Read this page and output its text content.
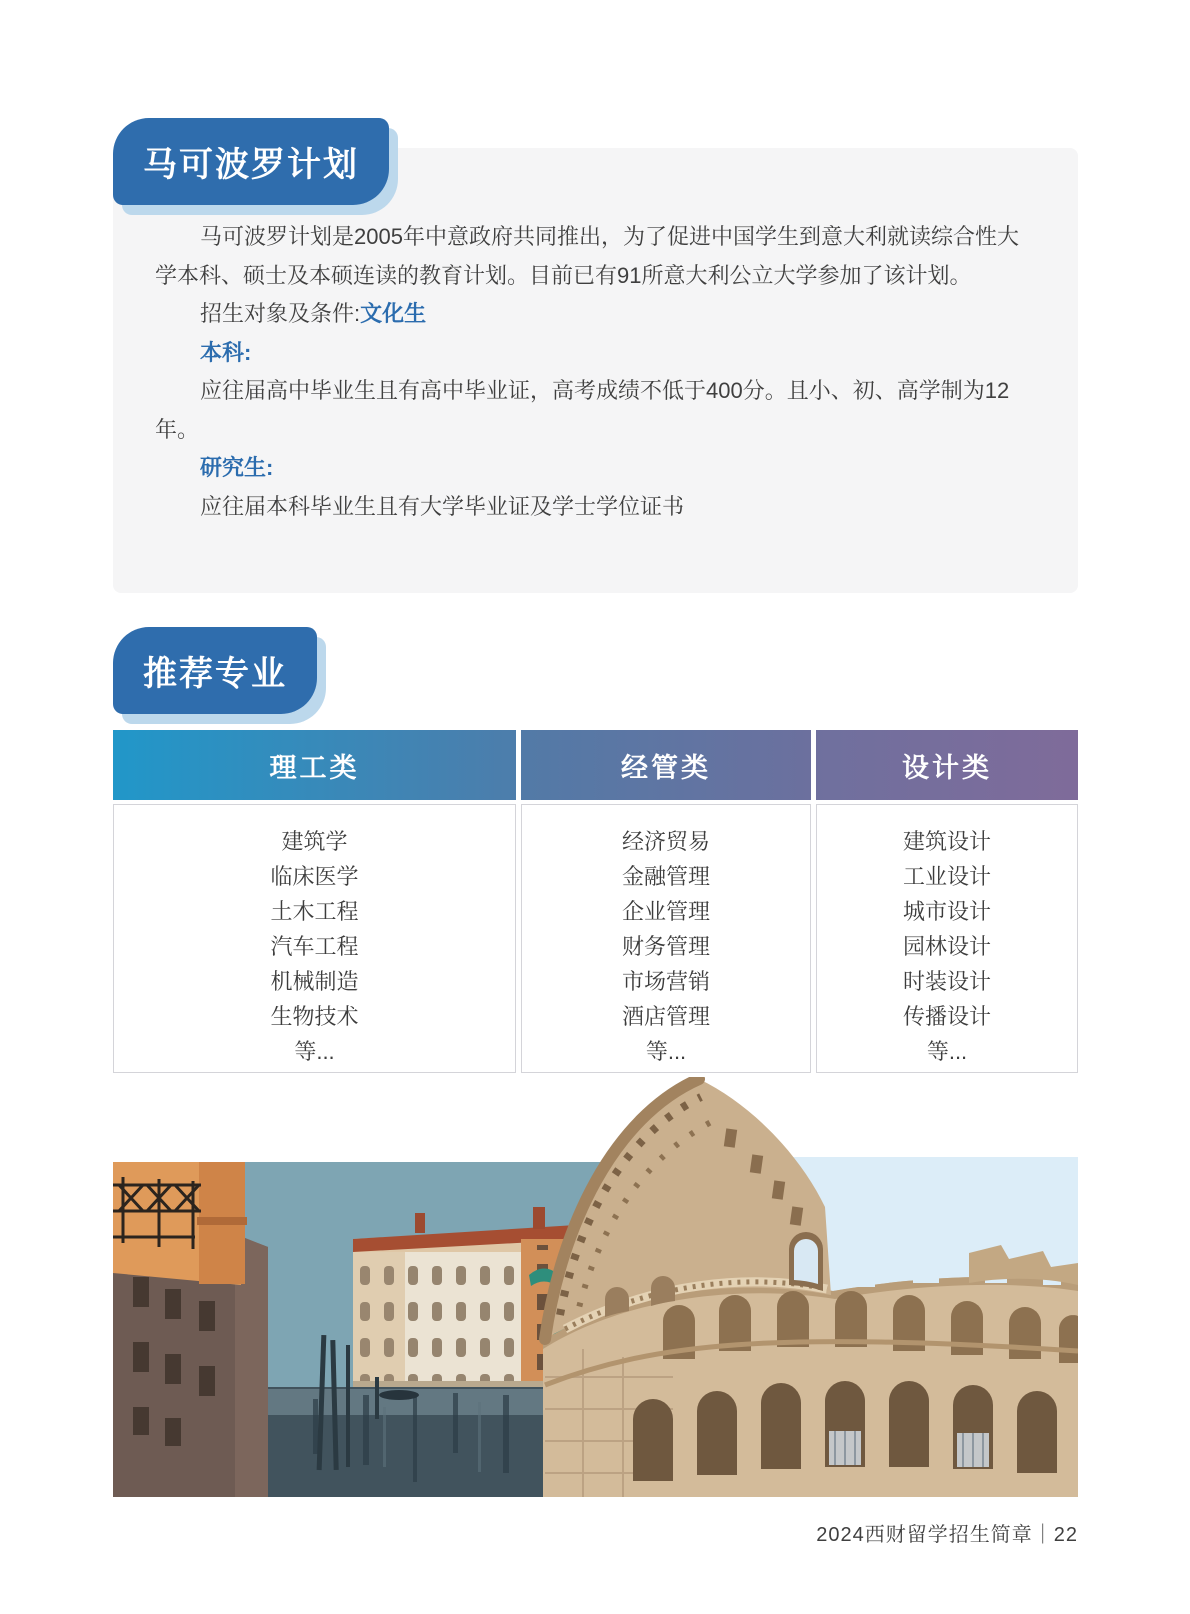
马可波罗计划

马可波罗计划是2005年中意政府共同推出，为了促进中国学生到意大利就读综合性大学本科、硕士及本硕连读的教育计划。目前已有91所意大利公立大学参加了该计划。

招生对象及条件:文化生

本科:

应往届高中毕业生且有高中毕业证，高考成绩不低于400分。且小、初、高学制为12年。

研究生:

应往届本科毕业生且有大学毕业证及学士学位证书

推荐专业
理工类
建筑学
临床医学
土木工程
汽车工程
机械制造
生物技术
等...
经管类
经济贸易
金融管理
企业管理
财务管理
市场营销
酒店管理
等...
设计类
建筑设计
工业设计
城市设计
园林设计
时装设计
传播设计
等...
2024西财留学招生简章｜22
